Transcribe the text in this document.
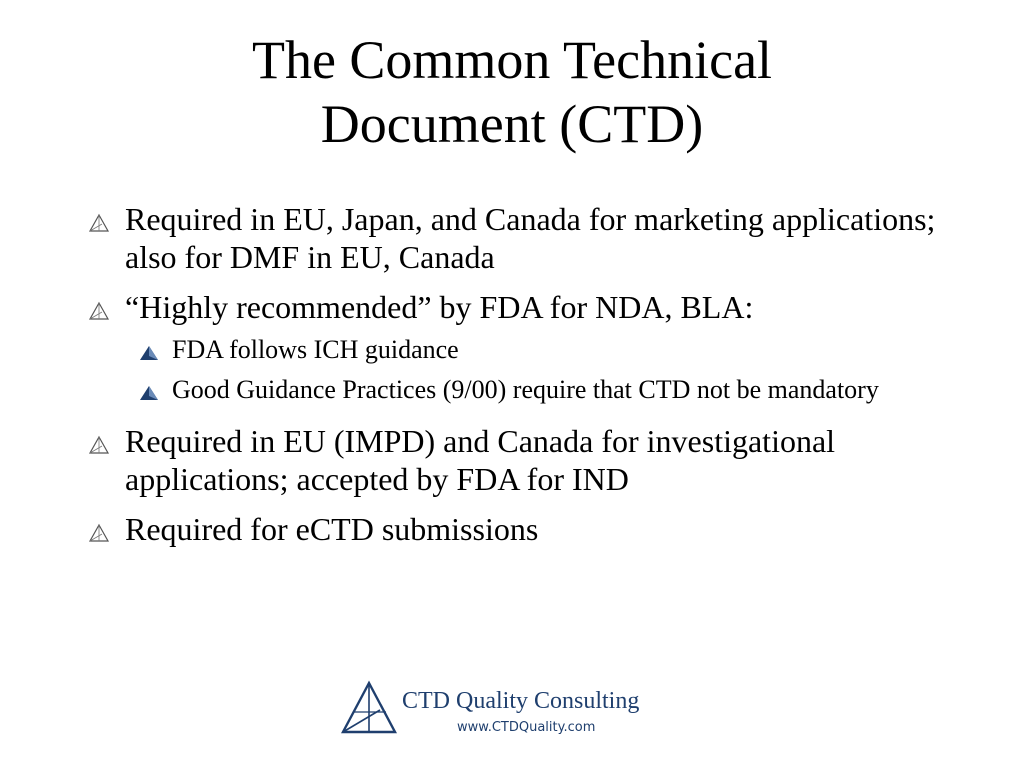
The Common Technical
Document (CTD)
Required in EU, Japan, and Canada for marketing applications; also for DMF in EU, Canada
“Highly recommended” by FDA for NDA, BLA:
FDA follows ICH guidance
Good Guidance Practices (9/00) require that CTD not be mandatory
Required in EU (IMPD) and Canada for investigational applications; accepted by FDA for IND
Required for eCTD submissions
CTD Quality Consulting
www.CTDQuality.com
